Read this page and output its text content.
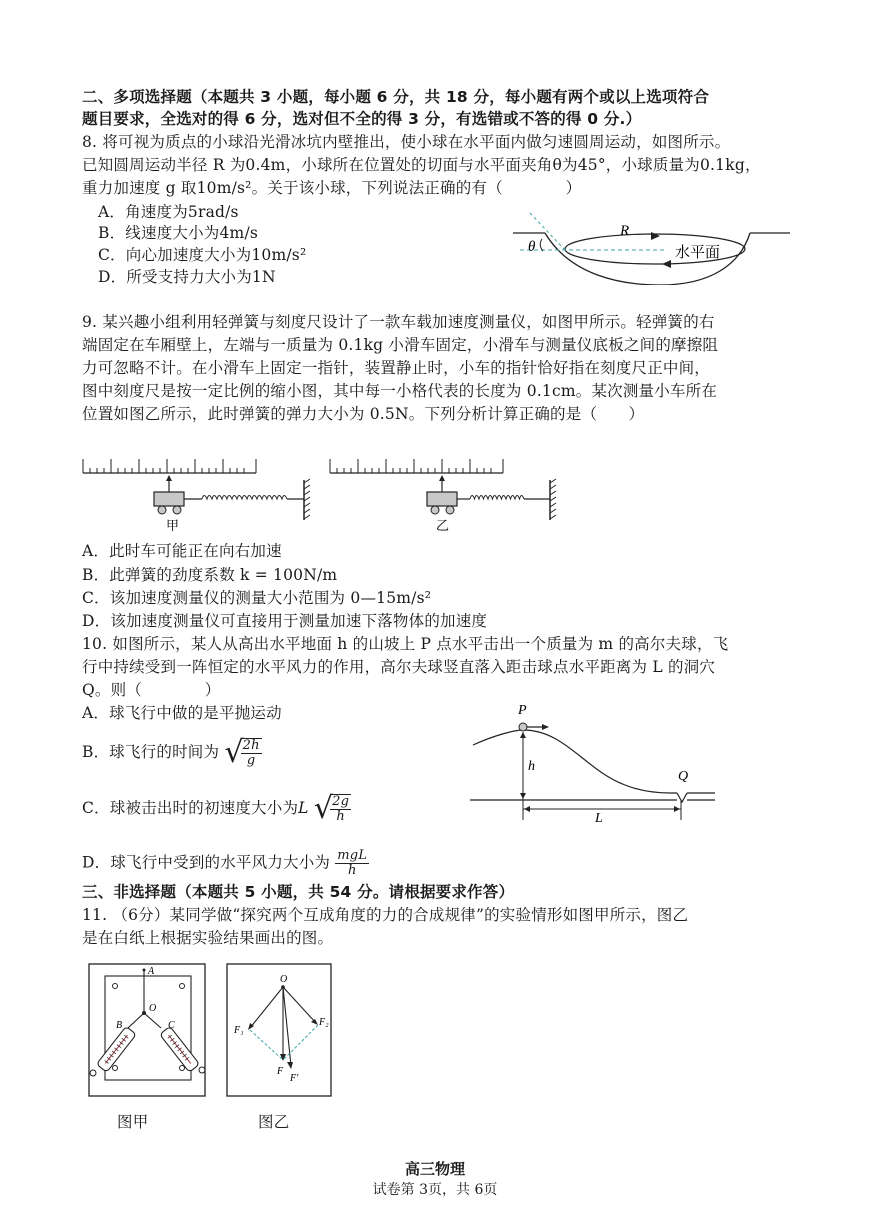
二、多项选择题（本题共 3 小题，每小题 6 分，共 18 分，每小题有两个或以上选项符合
题目要求，全选对的得 6 分，选对但不全的得 3 分，有选错或不答的得 0 分.）
8. 将可视为质点的小球沿光滑冰坑内壁推出，使小球在水平面内做匀速圆周运动，如图所示。
已知圆周运动半径 R 为0.4m，小球所在位置处的切面与水平面夹角θ为45°，小球质量为0.1kg，
重力加速度 g 取10m/s²。关于该小球，下列说法正确的有（　　　　）
A．角速度为5rad/s
B．线速度大小为4m/s
C．向心加速度大小为10m/s²
D．所受支持力大小为1N
R
θ	水平面
9. 某兴趣小组利用轻弹簧与刻度尺设计了一款车载加速度测量仪，如图甲所示。轻弹簧的右
端固定在车厢壁上，左端与一质量为 0.1kg 小滑车固定，小滑车与测量仪底板之间的摩擦阻
力可忽略不计。在小滑车上固定一指针，装置静止时，小车的指针恰好指在刻度尺正中间，
图中刻度尺是按一定比例的缩小图，其中每一小格代表的长度为 0.1cm。某次测量小车所在
位置如图乙所示，此时弹簧的弹力大小为 0.5N。下列分析计算正确的是（　　）
甲	乙
A．此时车可能正在向右加速
B．此弹簧的劲度系数 k = 100N/m
C．该加速度测量仪的测量大小范围为 0—15m/s²
D．该加速度测量仪可直接用于测量加速下落物体的加速度
10. 如图所示，某人从高出水平地面 h 的山坡上 P 点水平击出一个质量为 m 的高尔夫球，飞
行中持续受到一阵恒定的水平风力的作用，高尔夫球竖直落入距击球点水平距离为 L 的洞穴
Q。则（　　　　）
A．球飞行中做的是平抛运动
B．球飞行的时间为 √
$\frac{2h}{g}$
C．球被击出时的初速度大小为L √
$\frac{2g}{h}$
D．球飞行中受到的水平风力大小为 $\frac{\text{mgL}}{h}$
P
Q
h
L
三、非选择题（本题共 5 小题，共 54 分。请根据要求作答）
11. （6分）某同学做“探究两个互成角度的力的合成规律”的实验情形如图甲所示，图乙
是在白纸上根据实验结果画出的图。
A
O
B	C
O
F₁
F₂
F
F′
图甲	图乙
高三物理
试卷第 3页，共 6页
